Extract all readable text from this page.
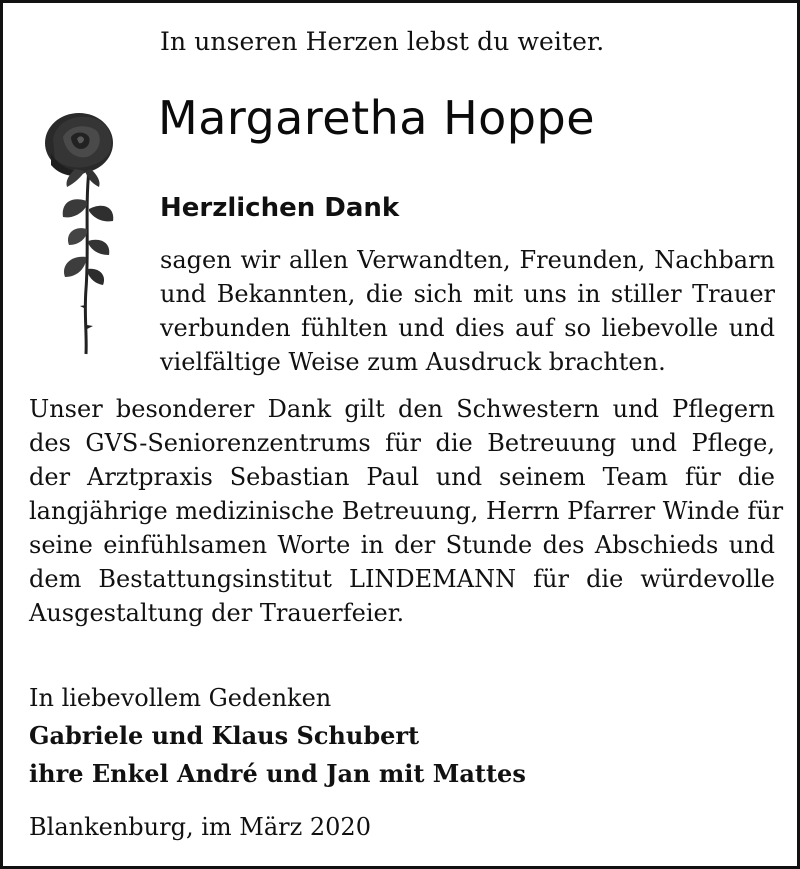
In unseren Herzen lebst du weiter.
Margaretha Hoppe
Herzlichen Dank
sagen wir allen Verwandten, Freunden, Nachbarn
und Bekannten, die sich mit uns in stiller Trauer
verbunden fühlten und dies auf so liebevolle und
vielfältige Weise zum Ausdruck brachten.
Unser besonderer Dank gilt den Schwestern und Pflegern
des GVS-Seniorenzentrums für die Betreuung und Pflege,
der Arztpraxis Sebastian Paul und seinem Team für die
langjährige medizinische Betreuung, Herrn Pfarrer Winde für
seine einfühlsamen Worte in der Stunde des Abschieds und
dem Bestattungsinstitut LINDEMANN für die würdevolle
Ausgestaltung der Trauerfeier.
In liebevollem Gedenken
Gabriele und Klaus Schubert
ihre Enkel André und Jan mit Mattes
Blankenburg, im März 2020
